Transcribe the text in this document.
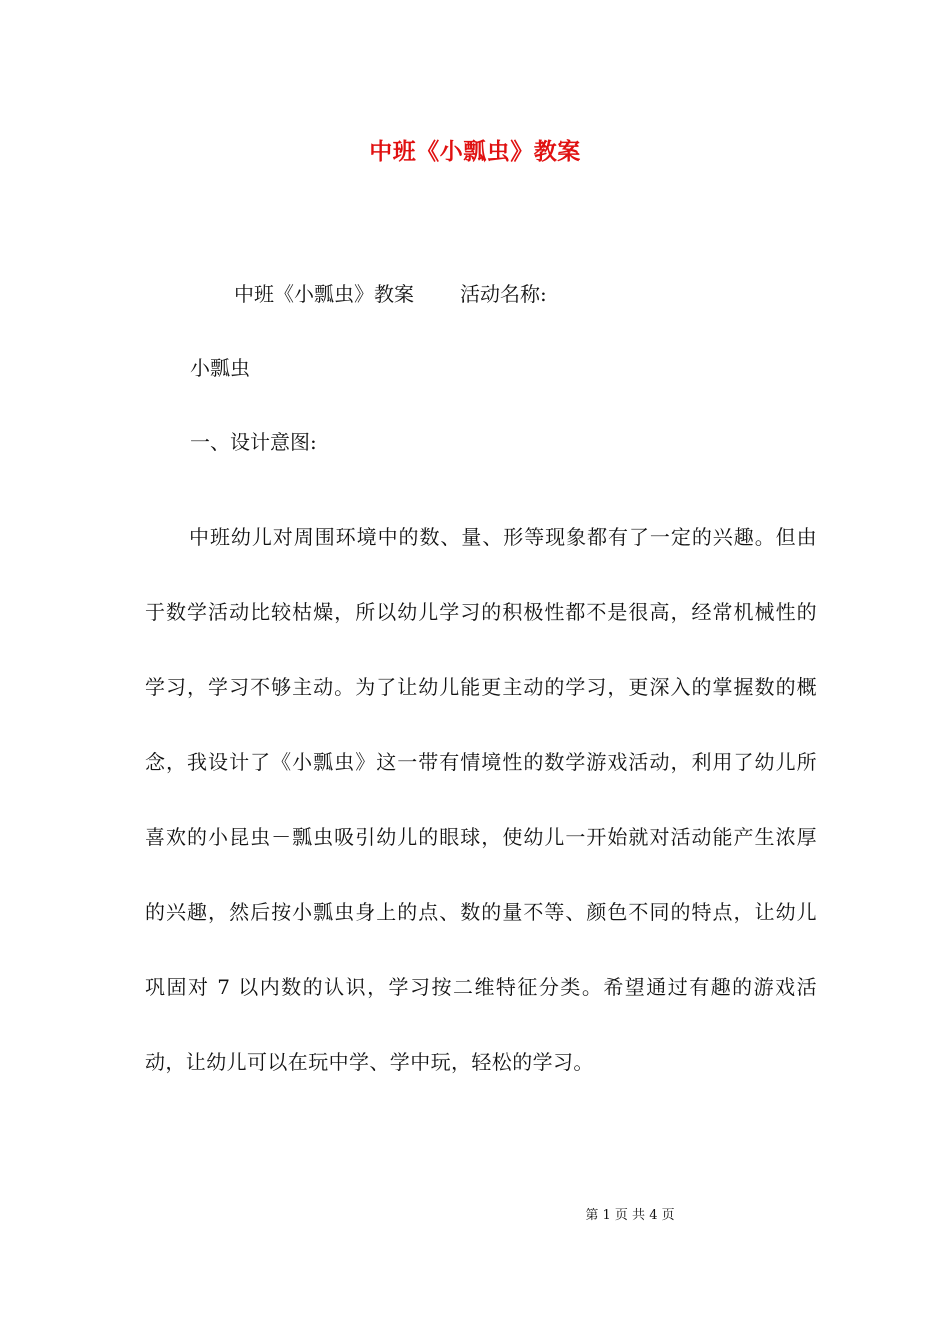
中班《小瓢虫》教案
中班《小瓢虫》教案 活动名称:
小瓢虫
一、设计意图:
中班幼儿对周围环境中的数、量、形等现象都有了一定的兴趣。但由于数学活动比较枯燥，所以幼儿学习的积极性都不是很高，经常机械性的学习，学习不够主动。为了让幼儿能更主动的学习，更深入的掌握数的概念，我设计了《小瓢虫》这一带有情境性的数学游戏活动，利用了幼儿所喜欢的小昆虫－瓢虫吸引幼儿的眼球，使幼儿一开始就对活动能产生浓厚的兴趣，然后按小瓢虫身上的点、数的量不等、颜色不同的特点，让幼儿巩固对 7 以内数的认识，学习按二维特征分类。希望通过有趣的游戏活动，让幼儿可以在玩中学、学中玩，轻松的学习。
第 1 页 共 4 页
